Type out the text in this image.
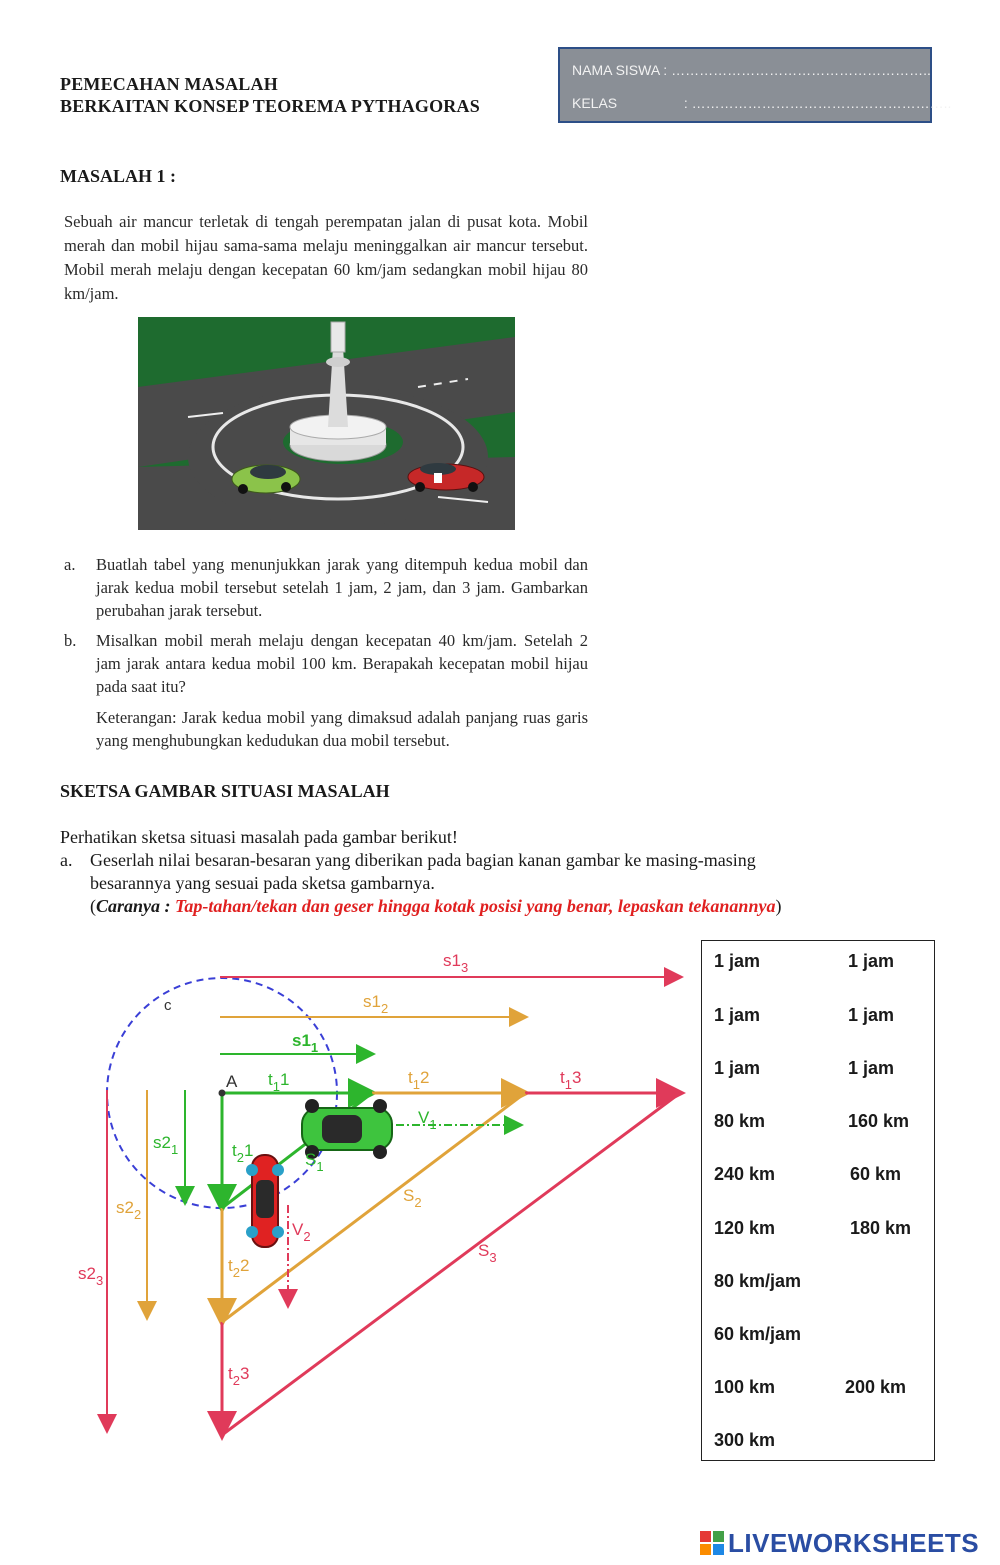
PEMECAHAN MASALAH
BERKAITAN KONSEP TEOREMA PYTHAGORAS
NAMA SISWA : ………………………………………………..
KELAS	: ………………………………………………..
MASALAH 1 :
Sebuah air mancur terletak di tengah perempatan jalan di pusat kota. Mobil merah dan mobil hijau sama-sama melaju meninggalkan air mancur tersebut. Mobil merah melaju dengan kecepatan 60 km/jam sedangkan mobil hijau 80 km/jam.
a. Buatlah tabel yang menunjukkan jarak yang ditempuh kedua mobil dan jarak kedua mobil tersebut setelah 1 jam, 2 jam, dan 3 jam. Gambarkan perubahan jarak tersebut.
b. Misalkan mobil merah melaju dengan kecepatan 40 km/jam. Setelah 2 jam jarak antara kedua mobil 100 km. Berapakah kecepatan mobil hijau pada saat itu?
Keterangan: Jarak kedua mobil yang dimaksud adalah panjang ruas garis yang menghubungkan kedudukan dua mobil tersebut.
SKETSA GAMBAR SITUASI MASALAH
Perhatikan sketsa situasi masalah pada gambar berikut!
a. Geserlah nilai besaran-besaran yang diberikan pada bagian kanan gambar ke masing-masing
besarannya yang sesuai pada sketsa gambarnya.
(Caranya : Tap-tahan/tekan dan geser hingga kotak posisi yang benar, lepaskan tekanannya)
$s1_3$
$s1_2$
$s1_1$
c
A $t_11$	$t_12$	$t_13$
$V_1$
$s2_1$	$t_21$	$S_1$
$s2_2$
$S_2$
$V_2$
$s2_3$
$t_22$
$S_3$
$t_23$
1 jam	1 jam
1 jam	1 jam
1 jam	1 jam
80 km	160 km
240 km	60 km
120 km	180 km
80 km/jam
60 km/jam
100 km	200 km
300 km
LIVEWORKSHEETS
